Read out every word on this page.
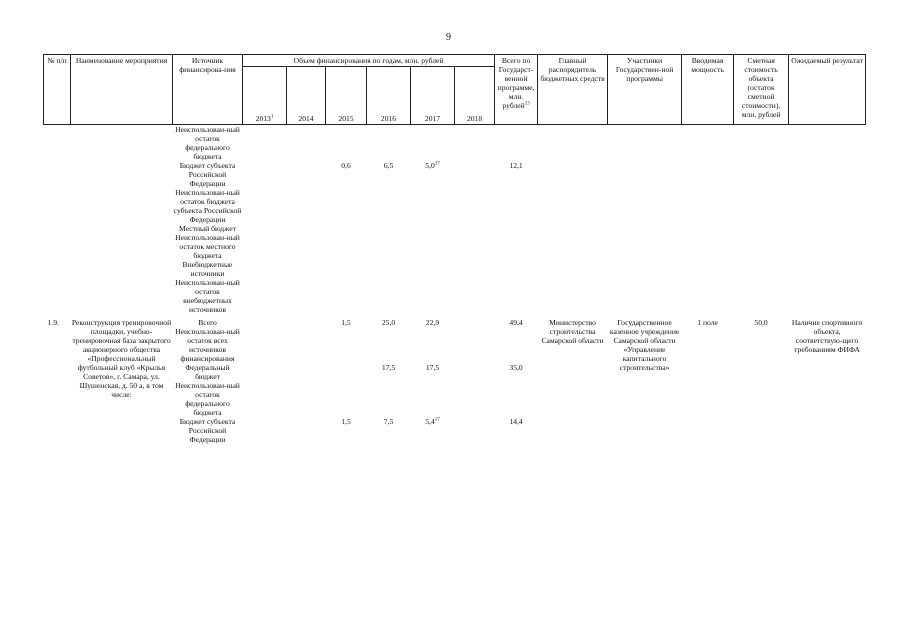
9
№ п/п	Наименование мероприятия	Источник финансирова-ния	Объем финансирования по годам, млн. рублей						Всего по Государст-венной программе, млн. рублей$^{13}$	Главный распорядитель бюджетных средств	Участники Государствен-ной программы	Вводимая мощность	Сметная стоимость объекта (остаток сметной стоимости), млн. рублей	Ожидаемый результат
			2013$^1$	2014	2015	2016	2017	2018						
		Неиспользован-ный остаток федерального бюджета												
		Бюджет субъекта Российской Федерации			0,6	6,5	$5,0^{17}$		12,1					
		Неиспользован-ный остаток бюджета субъекта Российской Федерации												
		Местный бюджет												
		Неиспользован-ный остаток местного бюджета												
		Внебюджетные источники												
		Неиспользован-ный остаток внебюджетных источников												
1.9.	Реконструкция тренировочной площадки, учебно-тренировочная база закрытого акционерного общества «Профессиональный футбольный клуб «Крылья Советов», г. Самара, ул. Шушенская, д. 50 а, в том числе:	Всего			1,5	25,0	22,9		49,4	Министерство строительства Самарской области	Государственное казенное учреждение Самарской области «Управление капитального строительства»	1 поле	50,0	Наличие спортивного объекта, соответствую-щего требованиям ФИФА
		Неиспользован-ный остаток всех источников финансирования												
		Федеральный бюджет				17,5	17,5		35,0					
		Неиспользован-ный остаток федерального бюджета												
		Бюджет субъекта Российской Федерации			1,5	7,5	$5,4^{17}$		14,4					
